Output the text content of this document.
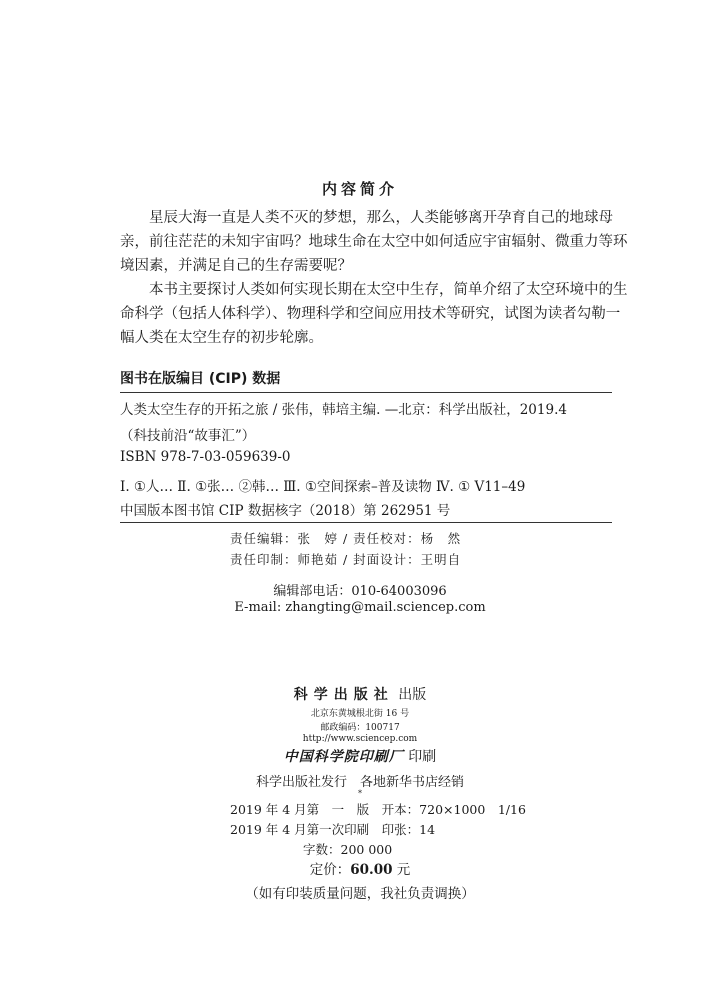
内容简介
星辰大海一直是人类不灭的梦想，那么，人类能够离开孕育自己的地球母
亲，前往茫茫的未知宇宙吗？地球生命在太空中如何适应宇宙辐射、微重力等环
境因素，并满足自己的生存需要呢？
本书主要探讨人类如何实现长期在太空中生存，简单介绍了太空环境中的生
命科学（包括人体科学）、物理科学和空间应用技术等研究，试图为读者勾勒一
幅人类在太空生存的初步轮廓。
图书在版编目 (CIP) 数据
人类太空生存的开拓之旅 / 张伟，韩培主编. —北京：科学出版社，2019.4
（科技前沿“故事汇”）
ISBN 978-7-03-059639-0
Ⅰ. ①人… Ⅱ. ①张… ②韩… Ⅲ. ①空间探索–普及读物 Ⅳ. ① V11–49
中国版本图书馆 CIP 数据核字（2018）第 262951 号
责任编辑：张　婷 / 责任校对：杨　然
责任印制：师艳茹 / 封面设计：王明自
编辑部电话：010-64003096
E-mail: zhangting@mail.sciencep.com
科学出版社 出版
北京东黄城根北街 16 号
邮政编码：100717
http://www.sciencep.com
中国科学院印刷厂 印刷
科学出版社发行　各地新华书店经销
*
2019 年 4 月第　一　版　开本：720×1000　1/16
2019 年 4 月第一次印刷　印张：14
字数：200 000
定价：60.00 元
（如有印装质量问题，我社负责调换）
